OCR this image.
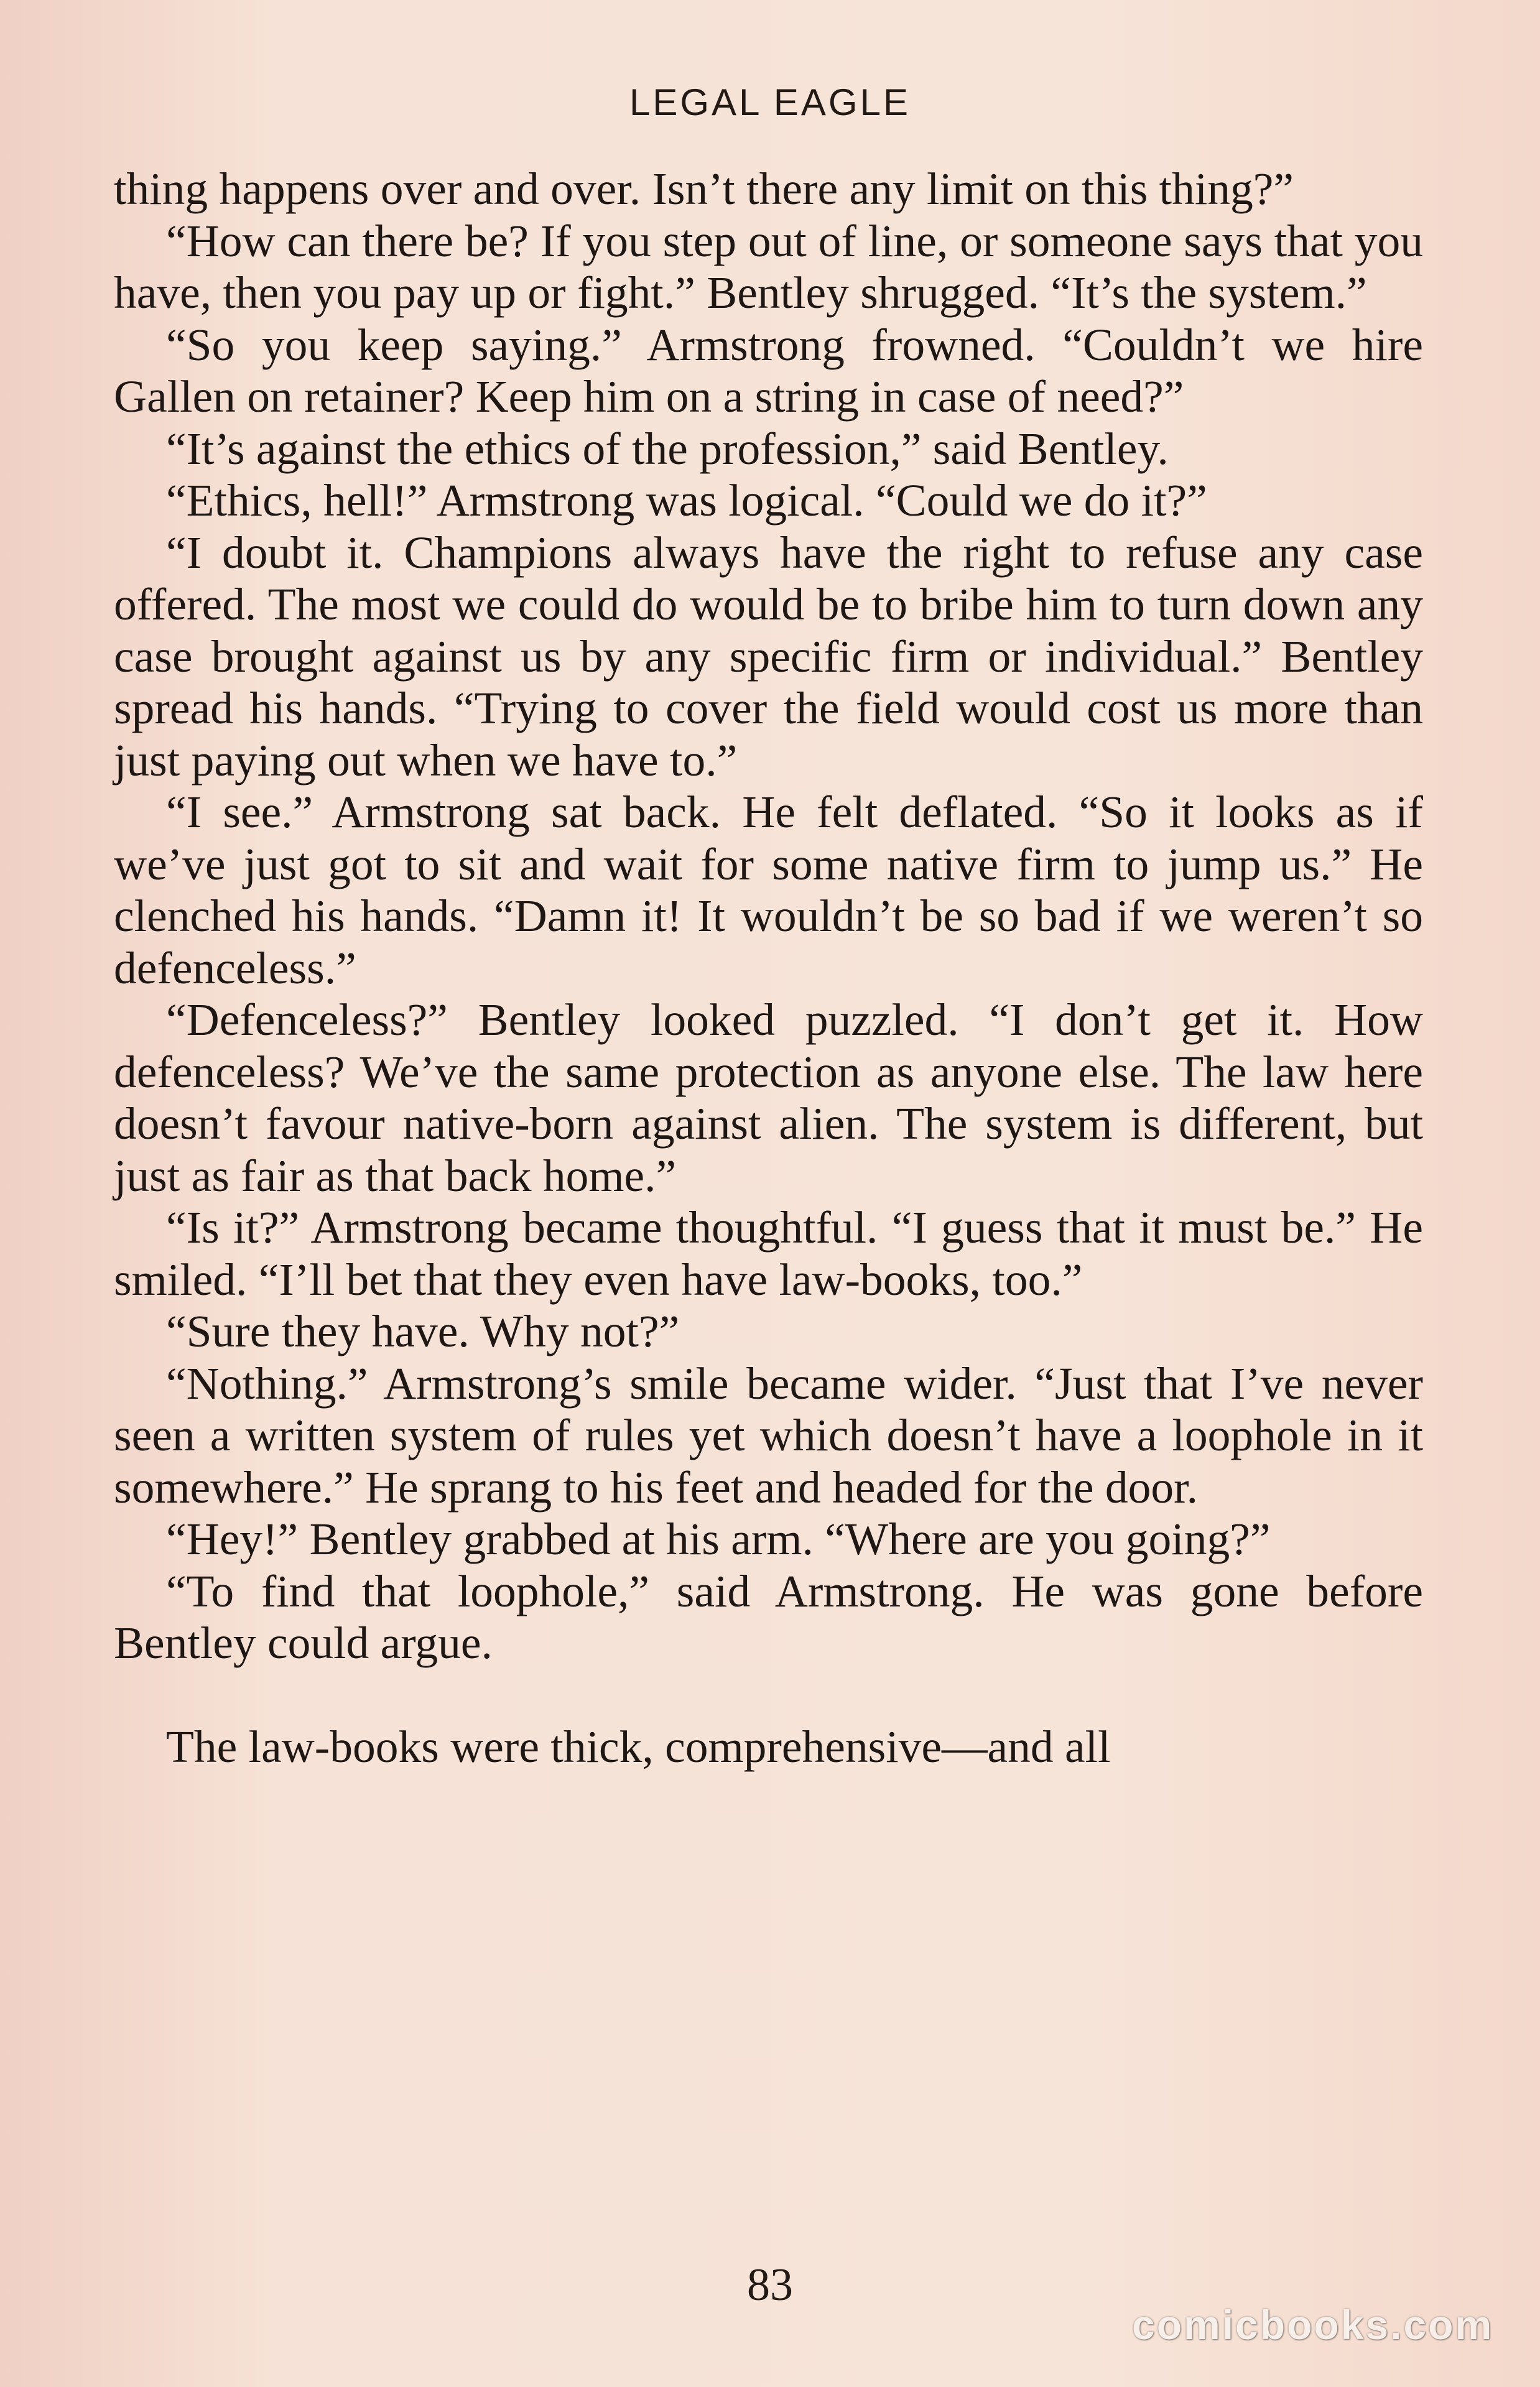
LEGAL EAGLE

thing happens over and over. Isn’t there any limit on this thing?”

“How can there be? If you step out of line, or someone says that you have, then you pay up or fight.” Bentley shrugged. “It’s the system.”

“So you keep saying.” Armstrong frowned. “Couldn’t we hire Gallen on retainer? Keep him on a string in case of need?”

“It’s against the ethics of the profession,” said Bentley.

“Ethics, hell!” Armstrong was logical. “Could we do it?”

“I doubt it. Champions always have the right to refuse any case offered. The most we could do would be to bribe him to turn down any case brought against us by any specific firm or individual.” Bentley spread his hands. “Trying to cover the field would cost us more than just paying out when we have to.”

“I see.” Armstrong sat back. He felt deflated. “So it looks as if we’ve just got to sit and wait for some native firm to jump us.” He clenched his hands. “Damn it! It wouldn’t be so bad if we weren’t so defenceless.”

“Defenceless?” Bentley looked puzzled. “I don’t get it. How defenceless? We’ve the same protection as anyone else. The law here doesn’t favour native-born against alien. The system is different, but just as fair as that back home.”

“Is it?” Armstrong became thoughtful. “I guess that it must be.” He smiled. “I’ll bet that they even have law-books, too.”

“Sure they have. Why not?”

“Nothing.” Armstrong’s smile became wider. “Just that I’ve never seen a written system of rules yet which doesn’t have a loophole in it somewhere.” He sprang to his feet and headed for the door.

“Hey!” Bentley grabbed at his arm. “Where are you going?”

“To find that loophole,” said Armstrong. He was gone before Bentley could argue.

The law-books were thick, comprehensive—and all

83
comicbooks.com
